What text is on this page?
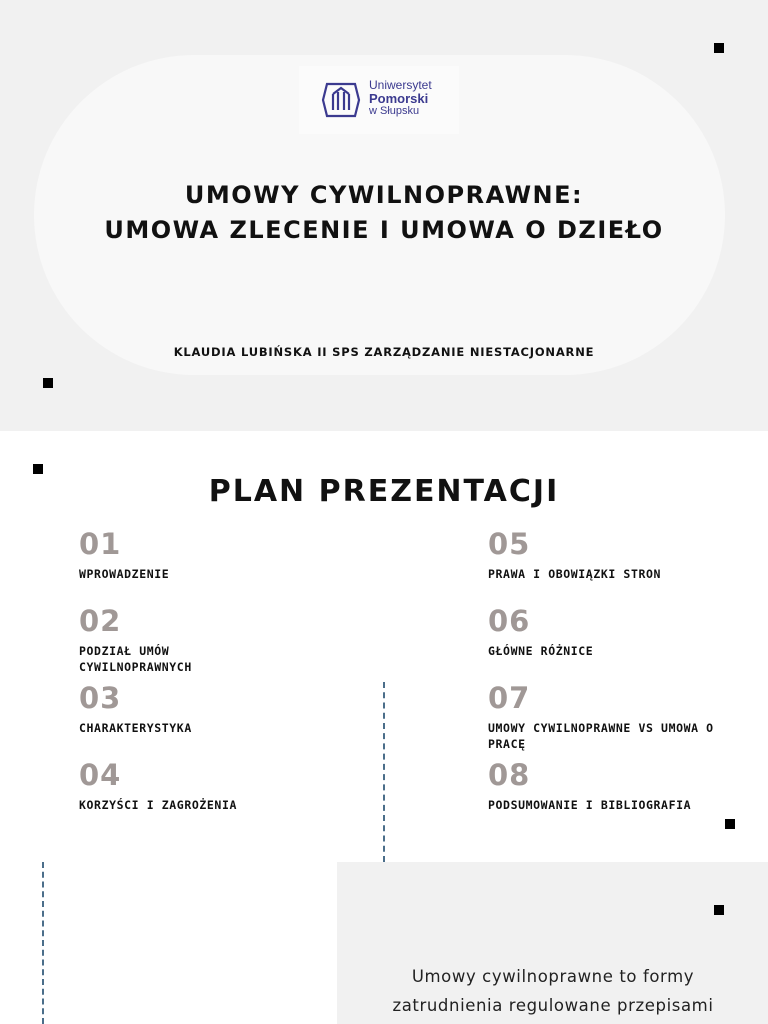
Uniwersytet
Pomorski
w Słupsku
UMOWY CYWILNOPRAWNE:
UMOWA ZLECENIE I UMOWA O DZIEŁO
KLAUDIA LUBIŃSKA II SPS ZARZĄDZANIE NIESTACJONARNE
PLAN PREZENTACJI
01
WPROWADZENIE
02
PODZIAŁ UMÓW CYWILNOPRAWNYCH
03
CHARAKTERYSTYKA
04
KORZYŚCI I ZAGROŻENIA
05
PRAWA I OBOWIĄZKI STRON
06
GŁÓWNE RÓŻNICE
07
UMOWY CYWILNOPRAWNE VS UMOWA O PRACĘ
08
PODSUMOWANIE I BIBLIOGRAFIA
Umowy cywilnoprawne to formy
zatrudnienia regulowane przepisami
